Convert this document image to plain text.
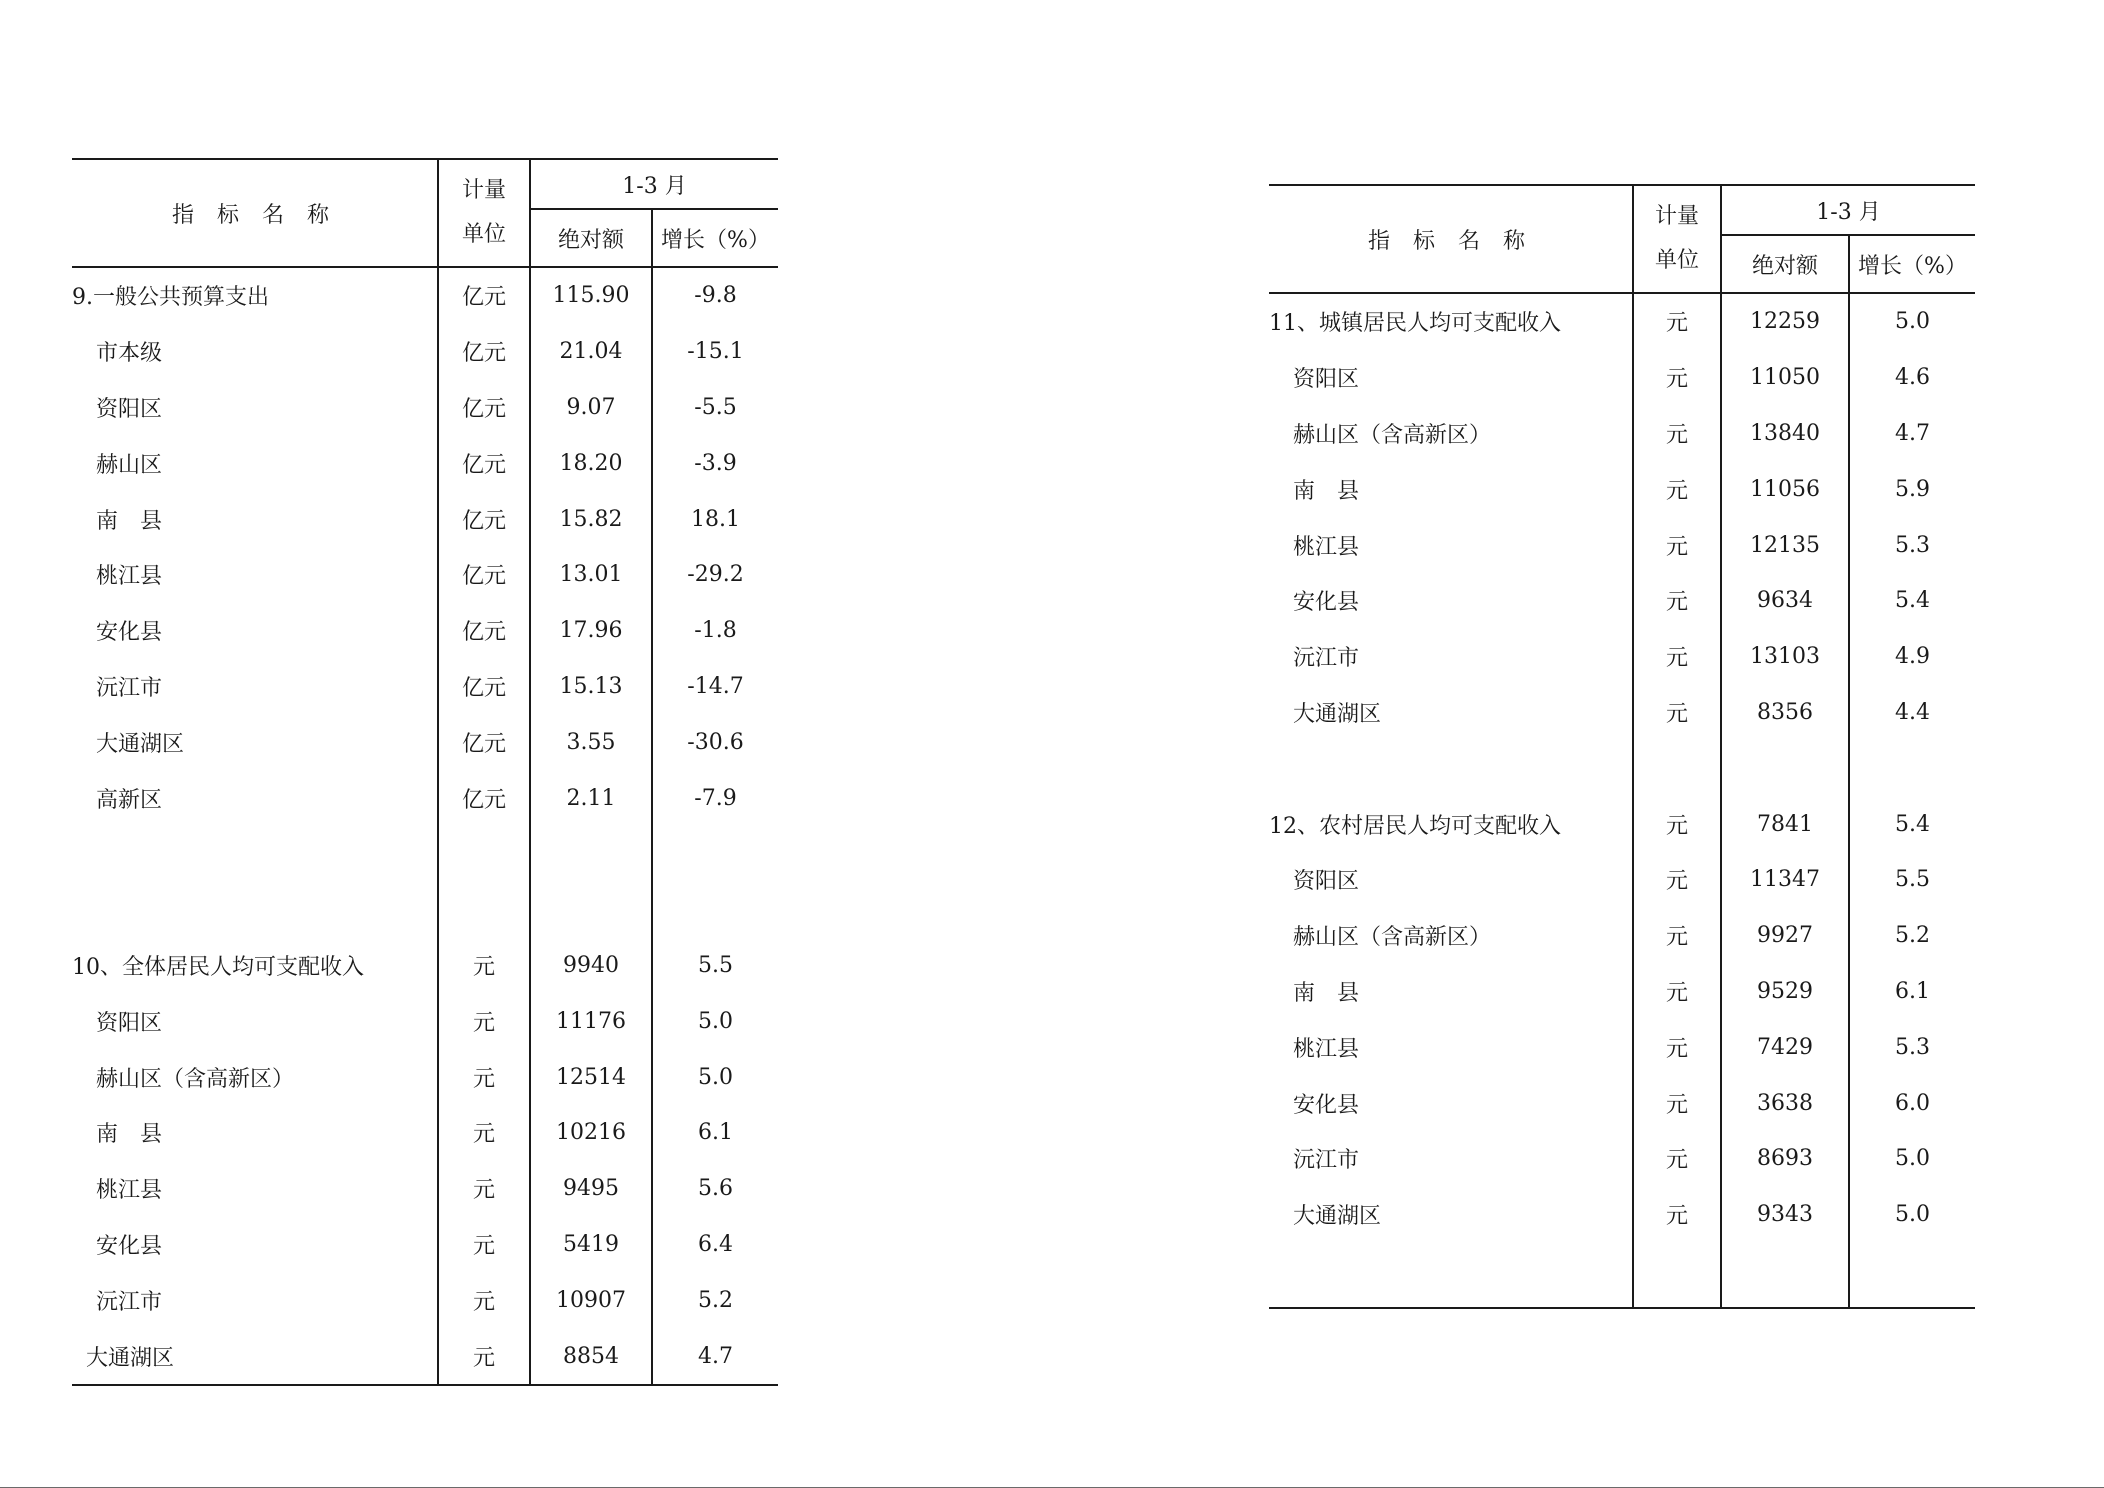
指 标 名 称	计量
单位	1-3 月	
		绝对额	增长（%）
9.一般公共预算支出	亿元	115.90	-9.8
市本级	亿元	21.04	-15.1
资阳区	亿元	9.07	-5.5
赫山区	亿元	18.20	-3.9
南　县	亿元	15.82	18.1
桃江县	亿元	13.01	-29.2
安化县	亿元	17.96	-1.8
沅江市	亿元	15.13	-14.7
大通湖区	亿元	3.55	-30.6
高新区	亿元	2.11	-7.9

10、全体居民人均可支配收入	元	9940	5.5
资阳区	元	11176	5.0
赫山区（含高新区）	元	12514	5.0
南　县	元	10216	6.1
桃江县	元	9495	5.6
安化县	元	5419	6.4
沅江市	元	10907	5.2
大通湖区	元	8854	4.7
指 标 名 称	计量
单位	1-3 月	
		绝对额	增长（%）
11、城镇居民人均可支配收入	元	12259	5.0
资阳区	元	11050	4.6
赫山区（含高新区）	元	13840	4.7
南　县	元	11056	5.9
桃江县	元	12135	5.3
安化县	元	9634	5.4
沅江市	元	13103	4.9
大通湖区	元	8356	4.4

12、农村居民人均可支配收入	元	7841	5.4
资阳区	元	11347	5.5
赫山区（含高新区）	元	9927	5.2
南　县	元	9529	6.1
桃江县	元	7429	5.3
安化县	元	3638	6.0
沅江市	元	8693	5.0
大通湖区	元	9343	5.0
